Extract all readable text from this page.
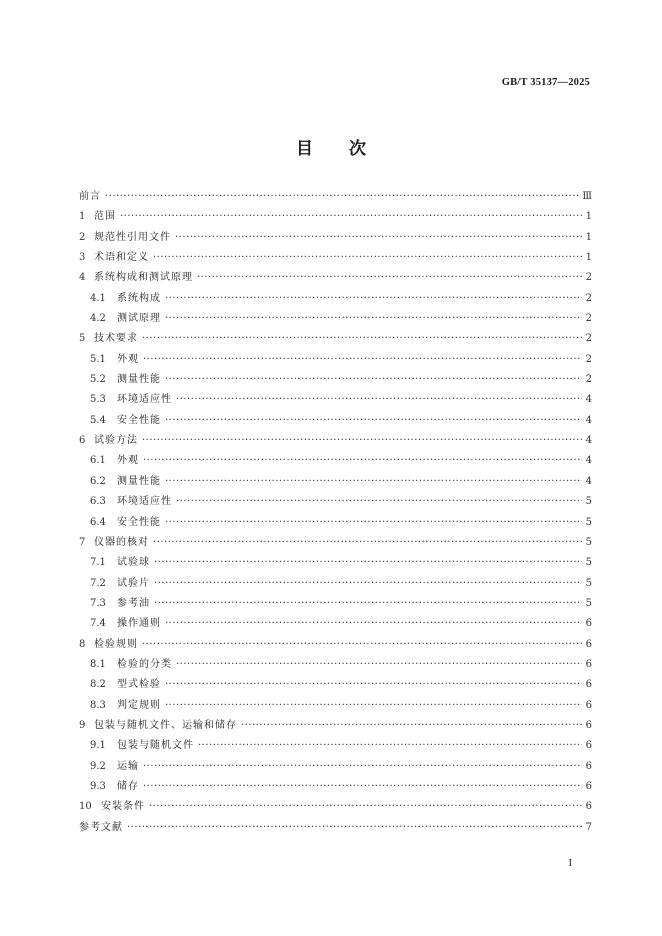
GB/T 35137—2025
目次
前言 ·····	Ⅲ
1 范围 ·····	1
2 规范性引用文件 ·····	1
3 术语和定义 ·····	1
4 系统构成和测试原理 ·····	2
4.1	系统构成 ·····	2
4.2	测试原理 ·····	2
5 技术要求 ·····	2
5.1	外观 ·····	2
5.2	测量性能 ·····	2
5.3	环境适应性 ·····	4
5.4	安全性能 ·····	4
6 试验方法 ·····	4
6.1	外观 ·····	4
6.2	测量性能 ·····	4
6.3	环境适应性 ·····	5
6.4	安全性能 ·····	5
7 仪器的核对 ·····	5
7.1	试验球 ·····	5
7.2	试验片 ·····	5
7.3	参考油 ·····	5
7.4	操作通则 ·····	6
8 检验规则 ·····	6
8.1	检验的分类 ·····	6
8.2	型式检验 ·····	6
8.3	判定规则 ·····	6
9 包装与随机文件、运输和储存 ·····	6
9.1	包装与随机文件 ·····	6
9.2	运输 ·····	6
9.3	储存 ·····	6
10 安装条件 ·····	6
参考文献 ·····	7
I
